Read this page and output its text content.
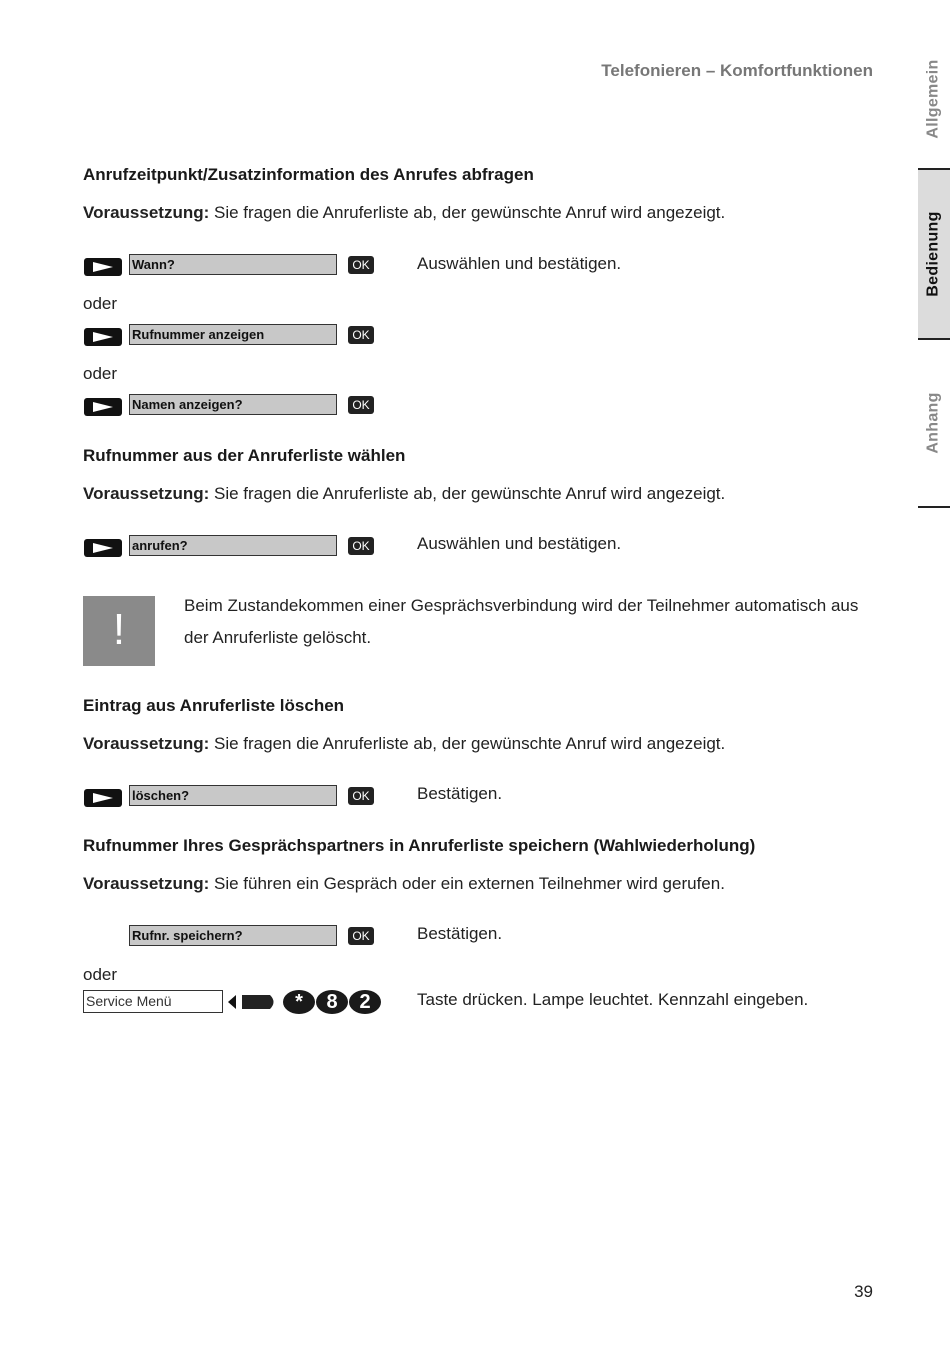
Telefonieren – Komfortfunktionen	Allgemein
Bedienung
Anhang
Anrufzeitpunkt/Zusatzinformation des Anrufes abfragen
Voraussetzung: Sie fragen die Anruferliste ab, der gewünschte Anruf wird angezeigt.
Wann?	OK	Auswählen und bestätigen.
oder
Rufnummer anzeigen	OK
oder
Namen anzeigen?	OK
Rufnummer aus der Anruferliste wählen
Voraussetzung: Sie fragen die Anruferliste ab, der gewünschte Anruf wird angezeigt.
anrufen?	OK	Auswählen und bestätigen.
!	Beim Zustandekommen einer Gesprächsverbindung wird der Teilnehmer automatisch aus der Anruferliste gelöscht.
Eintrag aus Anruferliste löschen
Voraussetzung: Sie fragen die Anruferliste ab, der gewünschte Anruf wird angezeigt.
löschen?	OK	Bestätigen.
Rufnummer Ihres Gesprächspartners in Anruferliste speichern (Wahlwiederholung)
Voraussetzung: Sie führen ein Gespräch oder ein externen Teilnehmer wird gerufen.
Rufnr. speichern?	OK	Bestätigen.
oder
Service Menü	*	8	2	Taste drücken. Lampe leuchtet. Kennzahl eingeben.
39
